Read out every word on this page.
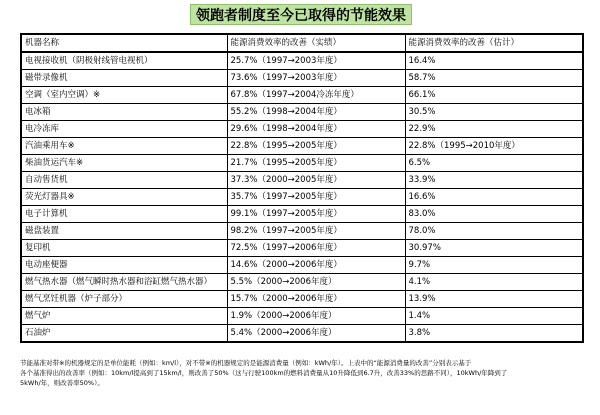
领跑者制度至今已取得的节能效果
机器名称	能源消费效率的改善（实绩）	能源消费效率的改善（估计）
电视接收机（阴极射线管电视机）	25.7%（1997→2003年度）	16.4%
磁带录像机	73.6%（1997→2003年度）	58.7%
空调（室内空调）※	67.8%（1997→2004冷冻年度）	66.1%
电冰箱	55.2%（1998→2004年度）	30.5%
电冷冻库	29.6%（1998→2004年度）	22.9%
汽油乘用车※	22.8%（1995→2005年度）	22.8%（1995→2010年度）
柴油货运汽车※	21.7%（1995→2005年度）	6.5%
自动售货机	37.3%（2000→2005年度）	33.9%
荧光灯器具※	35.7%（1997→2005年度）	16.6%
电子计算机	99.1%（1997→2005年度）	83.0%
磁盘装置	98.2%（1997→2005年度）	78.0%
复印机	72.5%（1997→2006年度）	30.97%
电动座便器	14.6%（2000→2006年度）	9.7%
燃气热水器（燃气瞬时热水器和浴缸燃气热水器）	5.5%（2000→2006年度）	4.1%
燃气烹饪机器（炉子部分）	15.7%（2000→2006年度）	13.9%
燃气炉	1.9%（2000→2006年度）	1.4%
石油炉	5.4%（2000→2006年度）	3.8%
节能基准对带※的机器规定的是单位能耗（例如：km/l），对不带※的机器规定的是能源消费量（例如：kWh/年）。上表中的“能源消费量的改善”分别表示基于
各个基准得出的改善率（例如：10km/l提高到了15km/l，则改善了50%（这与行驶100km的燃料消费量从10升降低到6.7升，改善33%的思路不同），10kWh/年降到了
5kWh/年，则改善率50%）。
